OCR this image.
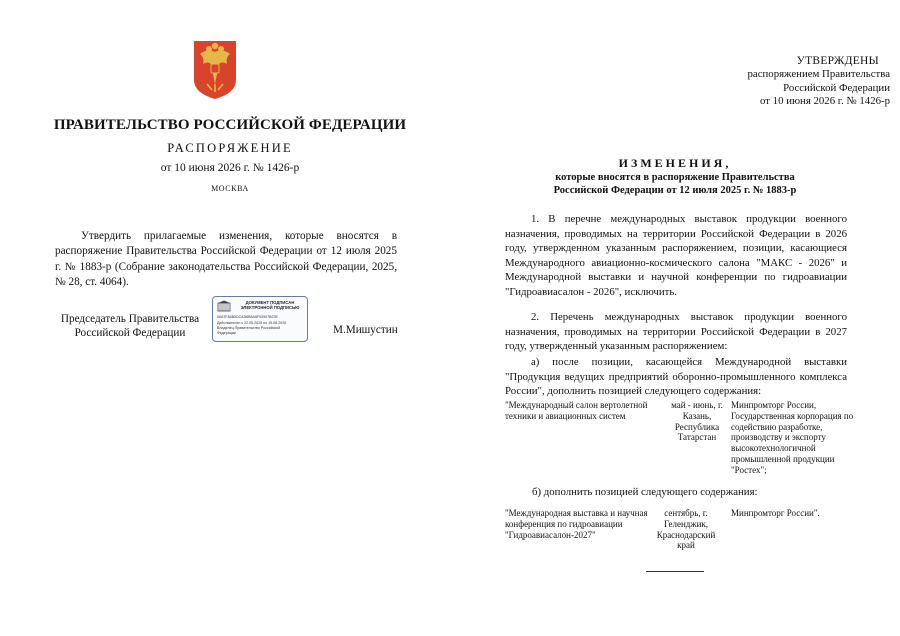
ПРАВИТЕЛЬСТВО РОССИЙСКОЙ ФЕДЕРАЦИИ
РАСПОРЯЖЕНИЕ
от 10 июня 2026 г. № 1426-р
МОСКВА
Утвердить прилагаемые изменения, которые вносятся в распоряжение Правительства Российской Федерации от 12 июля 2025 г. № 1883-р (Собрание законодательства Российской Федерации, 2025, № 28, ст. 4064).
Председатель Правительства Российской Федерации
ДОКУМЕНТ ПОДПИСАН ЭЛЕКТРОННОЙ ПОДПИСЬЮ
0A67F84B0DCAD6B8A6F00907B23E
Действителен с 22.05.2025 по 15.08.2026
Владелец Правительство Российской
Федерации	М.Мишустин
УТВЕРЖДЕНЫ
распоряжением Правительства
Российской Федерации
от 10 июня 2026 г. № 1426-р
ИЗМЕНЕНИЯ,
которые вносятся в распоряжение Правительства
Российской Федерации от 12 июля 2025 г. № 1883-р
1. В перечне международных выставок продукции военного назначения, проводимых на территории Российской Федерации в 2026 году, утвержденном указанным распоряжением, позиции, касающиеся Международного авиационно-космического салона "МАКС - 2026" и Международной выставки и научной конференции по гидроавиации "Гидроавиасалон - 2026", исключить.
2. Перечень международных выставок продукции военного назначения, проводимых на территории Российской Федерации в 2027 году, утвержденный указанным распоряжением:
а) после позиции, касающейся Международной выставки "Продукция ведущих предприятий оборонно-промышленного комплекса России", дополнить позицией следующего содержания:
"Международный салон вертолетной техники и авиационных систем
май - июнь, г. Казань, Республика Татарстан
Минпромторг России, Государственная корпорация по содействию разработке, производству и экспорту высокотехнологичной промышленной продукции "Ростех";
б) дополнить позицией следующего содержания:
"Международная выставка и научная конференция по гидроавиации "Гидроавиасалон-2027"
сентябрь, г. Геленджик, Краснодарский край
Минпромторг России".
